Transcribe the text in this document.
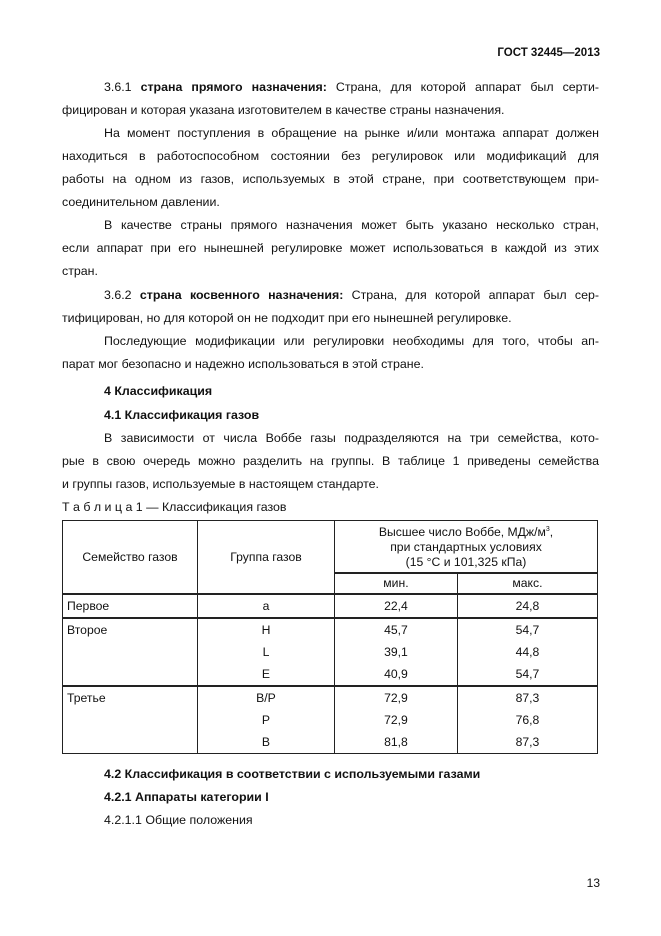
ГОСТ 32445—2013
3.6.1 страна прямого назначения: Страна, для которой аппарат был серти-
фицирован и которая указана изготовителем в качестве страны назначения.
На момент поступления в обращение на рынке и/или монтажа аппарат должен
находиться в работоспособном состоянии без регулировок или модификаций для
работы на одном из газов, используемых в этой стране, при соответствующем при-
соединительном давлении.
В качестве страны прямого назначения может быть указано несколько стран,
если аппарат при его нынешней регулировке может использоваться в каждой из этих
стран.
3.6.2 страна косвенного назначения: Страна, для которой аппарат был сер-
тифицирован, но для которой он не подходит при его нынешней регулировке.
Последующие модификации или регулировки необходимы для того, чтобы ап-
парат мог безопасно и надежно использоваться в этой стране.
4 Классификация
4.1 Классификация газов
В зависимости от числа Воббе газы подразделяются на три семейства, кото-
рые в свою очередь можно разделить на группы. В таблице 1 приведены семейства
и группы газов, используемые в настоящем стандарте.
Т а б л и ц а 1 — Классификация газов
Семейство газов	Группа газов	Высшее число Воббе, МДж/$м^3$,
при стандартных условиях
(15 °С и 101,325 кПа)	
		мин.	макс.
Первое	a	22,4	24,8
Второе	H	45,7	54,7
	L	39,1	44,8
	E	40,9	54,7
Третье	B/P	72,9	87,3
	P	72,9	76,8
	B	81,8	87,3
4.2 Классификация в соответствии с используемыми газами
4.2.1 Аппараты категории I
4.2.1.1 Общие положения
13
